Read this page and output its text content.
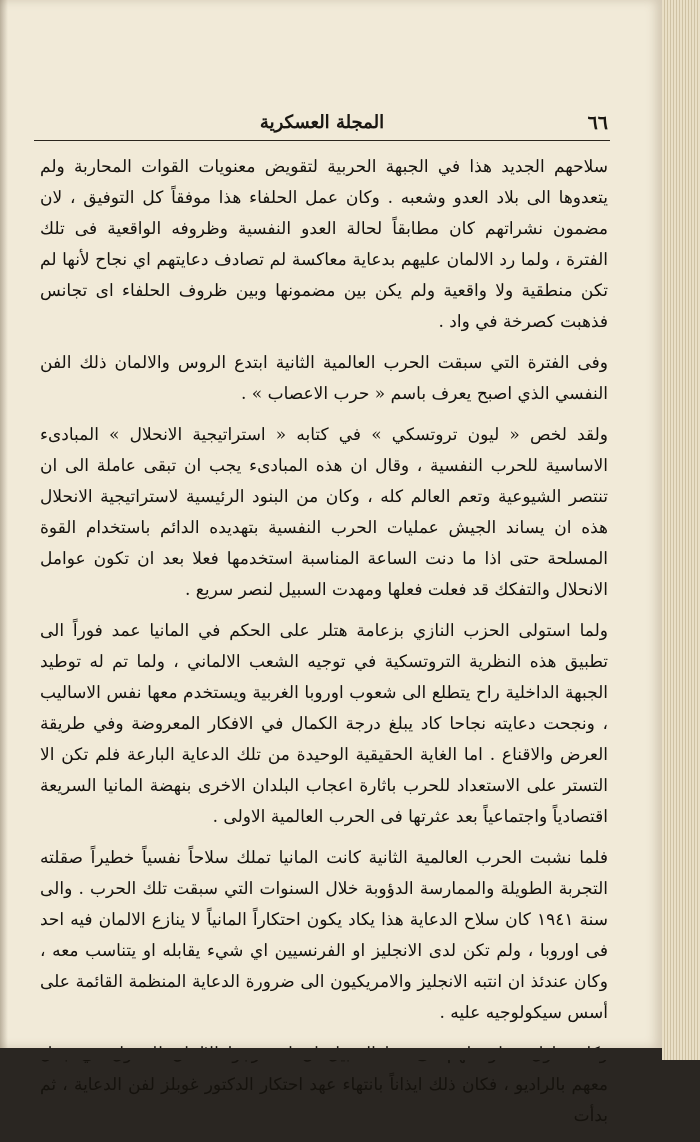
٦٦
المجلة العسكرية

سلاحهم الجديد هذا في الجبهة الحربية لتقويض معنويات القوات المحاربة ولم يتعدوها الى بلاد العدو وشعبه . وكان عمل الحلفاء هذا موفقاً كل التوفيق ، لان مضمون نشراتهم كان مطابقاً لحالة العدو النفسية وظروفه الواقعية فى تلك الفترة ، ولما رد الالمان عليهم بدعاية معاكسة لم تصادف دعايتهم اي نجاح لأنها لم تكن منطقية ولا واقعية ولم يكن بين مضمونها وبين ظروف الحلفاء اى تجانس فذهبت كصرخة في واد .

وفى الفترة التي سبقت الحرب العالمية الثانية ابتدع الروس والالمان ذلك الفن النفسي الذي اصبح يعرف باسم « حرب الاعصاب » .

ولقد لخص « ليون تروتسكي » في كتابه « استراتيجية الانحلال » المبادىء الاساسية للحرب النفسية ، وقال ان هذه المبادىء يجب ان تبقى عاملة الى ان تنتصر الشيوعية وتعم العالم كله ، وكان من البنود الرئيسية لاستراتيجية الانحلال هذه ان يساند الجيش عمليات الحرب النفسية بتهديده الدائم باستخدام القوة المسلحة حتى اذا ما دنت الساعة المناسبة استخدمها فعلا بعد ان تكون عوامل الانحلال والتفكك قد فعلت فعلها ومهدت السبيل لنصر سريع .

ولما استولى الحزب النازي بزعامة هتلر على الحكم في المانيا عمد فوراً الى تطبيق هذه النظرية التروتسكية في توجيه الشعب الالماني ، ولما تم له توطيد الجبهة الداخلية راح يتطلع الى شعوب اوروبا الغربية ويستخدم معها نفس الاساليب ، ونجحت دعايته نجاحا كاد يبلغ درجة الكمال في الافكار المعروضة وفي طريقة العرض والاقناع . اما الغاية الحقيقية الوحيدة من تلك الدعاية البارعة فلم تكن الا التستر على الاستعداد للحرب باثارة اعجاب البلدان الاخرى بنهضة المانيا السريعة اقتصادياً واجتماعياً بعد عثرتها فى الحرب العالمية الاولى .

فلما نشبت الحرب العالمية الثانية كانت المانيا تملك سلاحاً نفسياً خطيراً صقلته التجربة الطويلة والممارسة الدؤوبة خلال السنوات التي سبقت تلك الحرب . والى سنة ١٩٤١ كان سلاح الدعاية هذا يكاد يكون احتكاراً المانياً لا ينازع الالمان فيه احد فى اوروبا ، ولم تكن لدى الانجليز او الفرنسيين اي شيء يقابله او يتناسب معه ، وكان عندئذ ان انتبه الانجليز والامريكيون الى ضرورة الدعاية المنظمة القائمة على أسس سيكولوجيه عليه .

معهم بالراديو ، فكان ذلك ايذاناً بانتهاء عهد احتكار الدكتور غوبلز لفن الدعاية ، ثم بدأت
